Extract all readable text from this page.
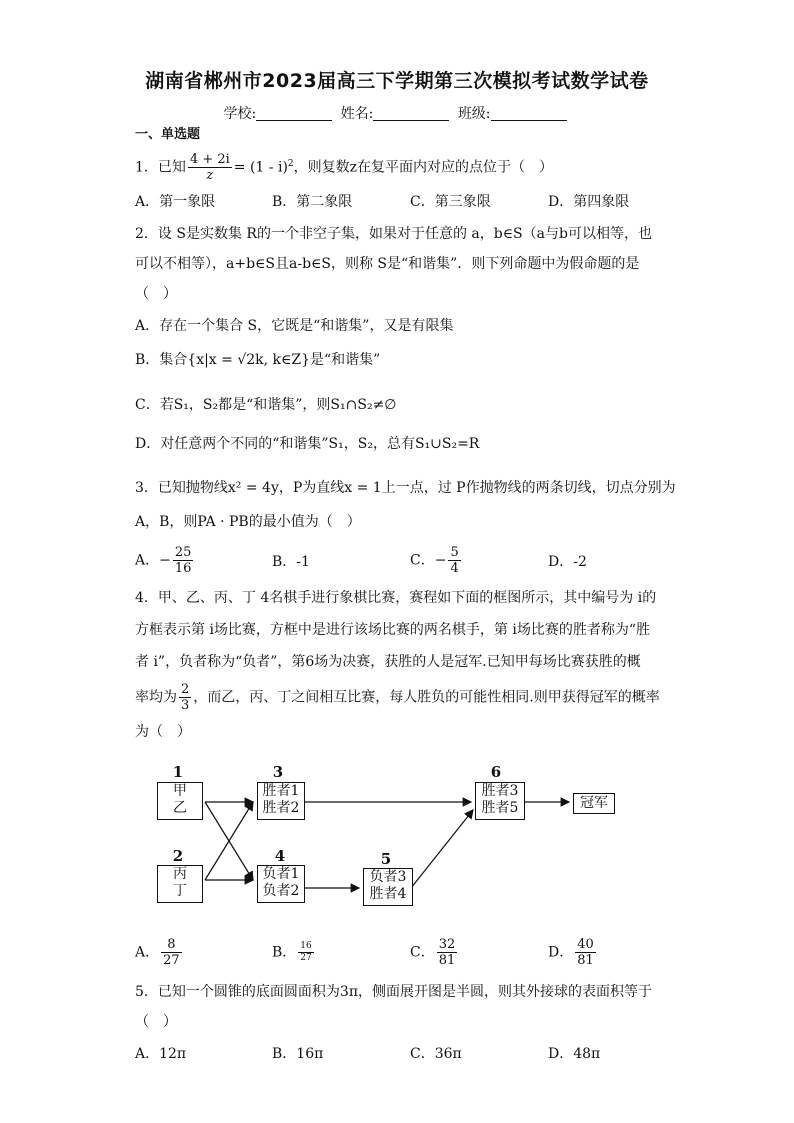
湖南省郴州市2023届高三下学期第三次模拟考试数学试卷
学校:	姓名:	班级:
一、单选题
1．已知 $\frac{4 + 2i}{z} = (1 - i)^2$，则复数z在复平面内对应的点位于（　）
A．第一象限	B．第二象限	C．第三象限	D．第四象限
2．设 S是实数集 R的一个非空子集，如果对于任意的 a，b∈S（a与b可以相等，也
可以不相等），a+b∈S且a-b∈S，则称 S是“和谐集”．则下列命题中为假命题的是
（　）
A．存在一个集合 S，它既是“和谐集”，又是有限集
B．集合{x|x = √2k, k∈Z}是“和谐集”
C．若S₁，S₂都是“和谐集”，则S₁∩S₂≠∅
D．对任意两个不同的“和谐集”S₁，S₂，总有S₁∪S₂=R
3．已知抛物线x² = 4y，P为直线x = 1上一点，过 P作抛物线的两条切线，切点分别为
A，B，则PA · PB的最小值为（　）
A．− $\frac{25}{16}$	B．-1	C．− $\frac{5}{4}$	D．-2
4．甲、乙、丙、丁 4名棋手进行象棋比赛，赛程如下面的框图所示，其中编号为 i的
方框表示第 i场比赛，方框中是进行该场比赛的两名棋手，第 i场比赛的胜者称为“胜
者 i”，负者称为“负者”，第6场为决赛，获胜的人是冠军.已知甲每场比赛获胜的概
率均为 $\frac{2}{3}$ ，而乙，丙、丁之间相互比赛，每人胜负的可能性相同.则甲获得冠军的概率
为（　）
1
甲
乙
2
丙
丁
3
胜者1
胜者2
4
负者1
负者2
5
负者3
胜者4
6
胜者3
胜者5	冠军
A． $\frac{8}{27}$	B． $\frac{16}{27}$	C． $\frac{32}{81}$	D． $\frac{40}{81}$
5．已知一个圆锥的底面圆面积为3π，侧面展开图是半圆，则其外接球的表面积等于
（　）
A．12π	B．16π	C．36π	D．48π
